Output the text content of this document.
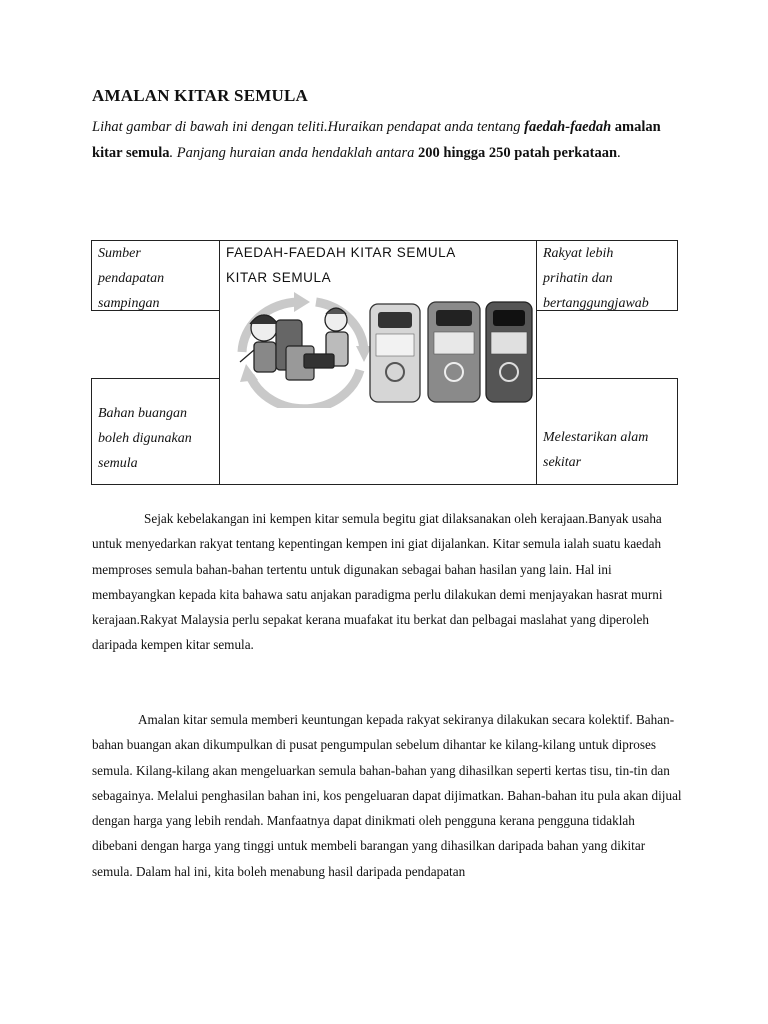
AMALAN KITAR SEMULA

Lihat gambar di bawah ini dengan teliti.Huraikan pendapat anda tentang faedah-faedah amalan kitar semula. Panjang huraian anda hendaklah antara 200 hingga 250 patah perkataan.

Sumber
pendapatan
sampingan
Rakyat lebih
prihatin dan
bertanggungjawab
Bahan buangan
boleh digunakan
semula
Melestarikan alam
sekitar
FAEDAH-FAEDAH KITAR SEMULA
KITAR SEMULA

Sejak kebelakangan ini kempen kitar semula begitu giat dilaksanakan oleh kerajaan.Banyak usaha untuk menyedarkan rakyat tentang kepentingan kempen ini giat dijalankan. Kitar semula ialah suatu kaedah memproses semula bahan-bahan tertentu untuk digunakan sebagai bahan hasilan yang lain. Hal ini membayangkan kepada kita bahawa satu anjakan paradigma perlu dilakukan demi menjayakan hasrat murni kerajaan.Rakyat Malaysia perlu sepakat kerana muafakat itu berkat dan pelbagai maslahat yang diperoleh daripada kempen kitar semula.

Amalan kitar semula memberi keuntungan kepada rakyat sekiranya dilakukan secara kolektif. Bahan-bahan buangan akan dikumpulkan di pusat pengumpulan sebelum dihantar ke kilang-kilang untuk diproses semula. Kilang-kilang akan mengeluarkan semula bahan-bahan yang dihasilkan seperti kertas tisu, tin-tin dan sebagainya. Melalui penghasilan bahan ini, kos pengeluaran dapat dijimatkan. Bahan-bahan itu pula akan dijual dengan harga yang lebih rendah. Manfaatnya dapat dinikmati oleh pengguna kerana pengguna tidaklah dibebani dengan harga yang tinggi untuk membeli barangan yang dihasilkan daripada bahan yang dikitar semula. Dalam hal ini, kita boleh menabung hasil daripada pendapatan
